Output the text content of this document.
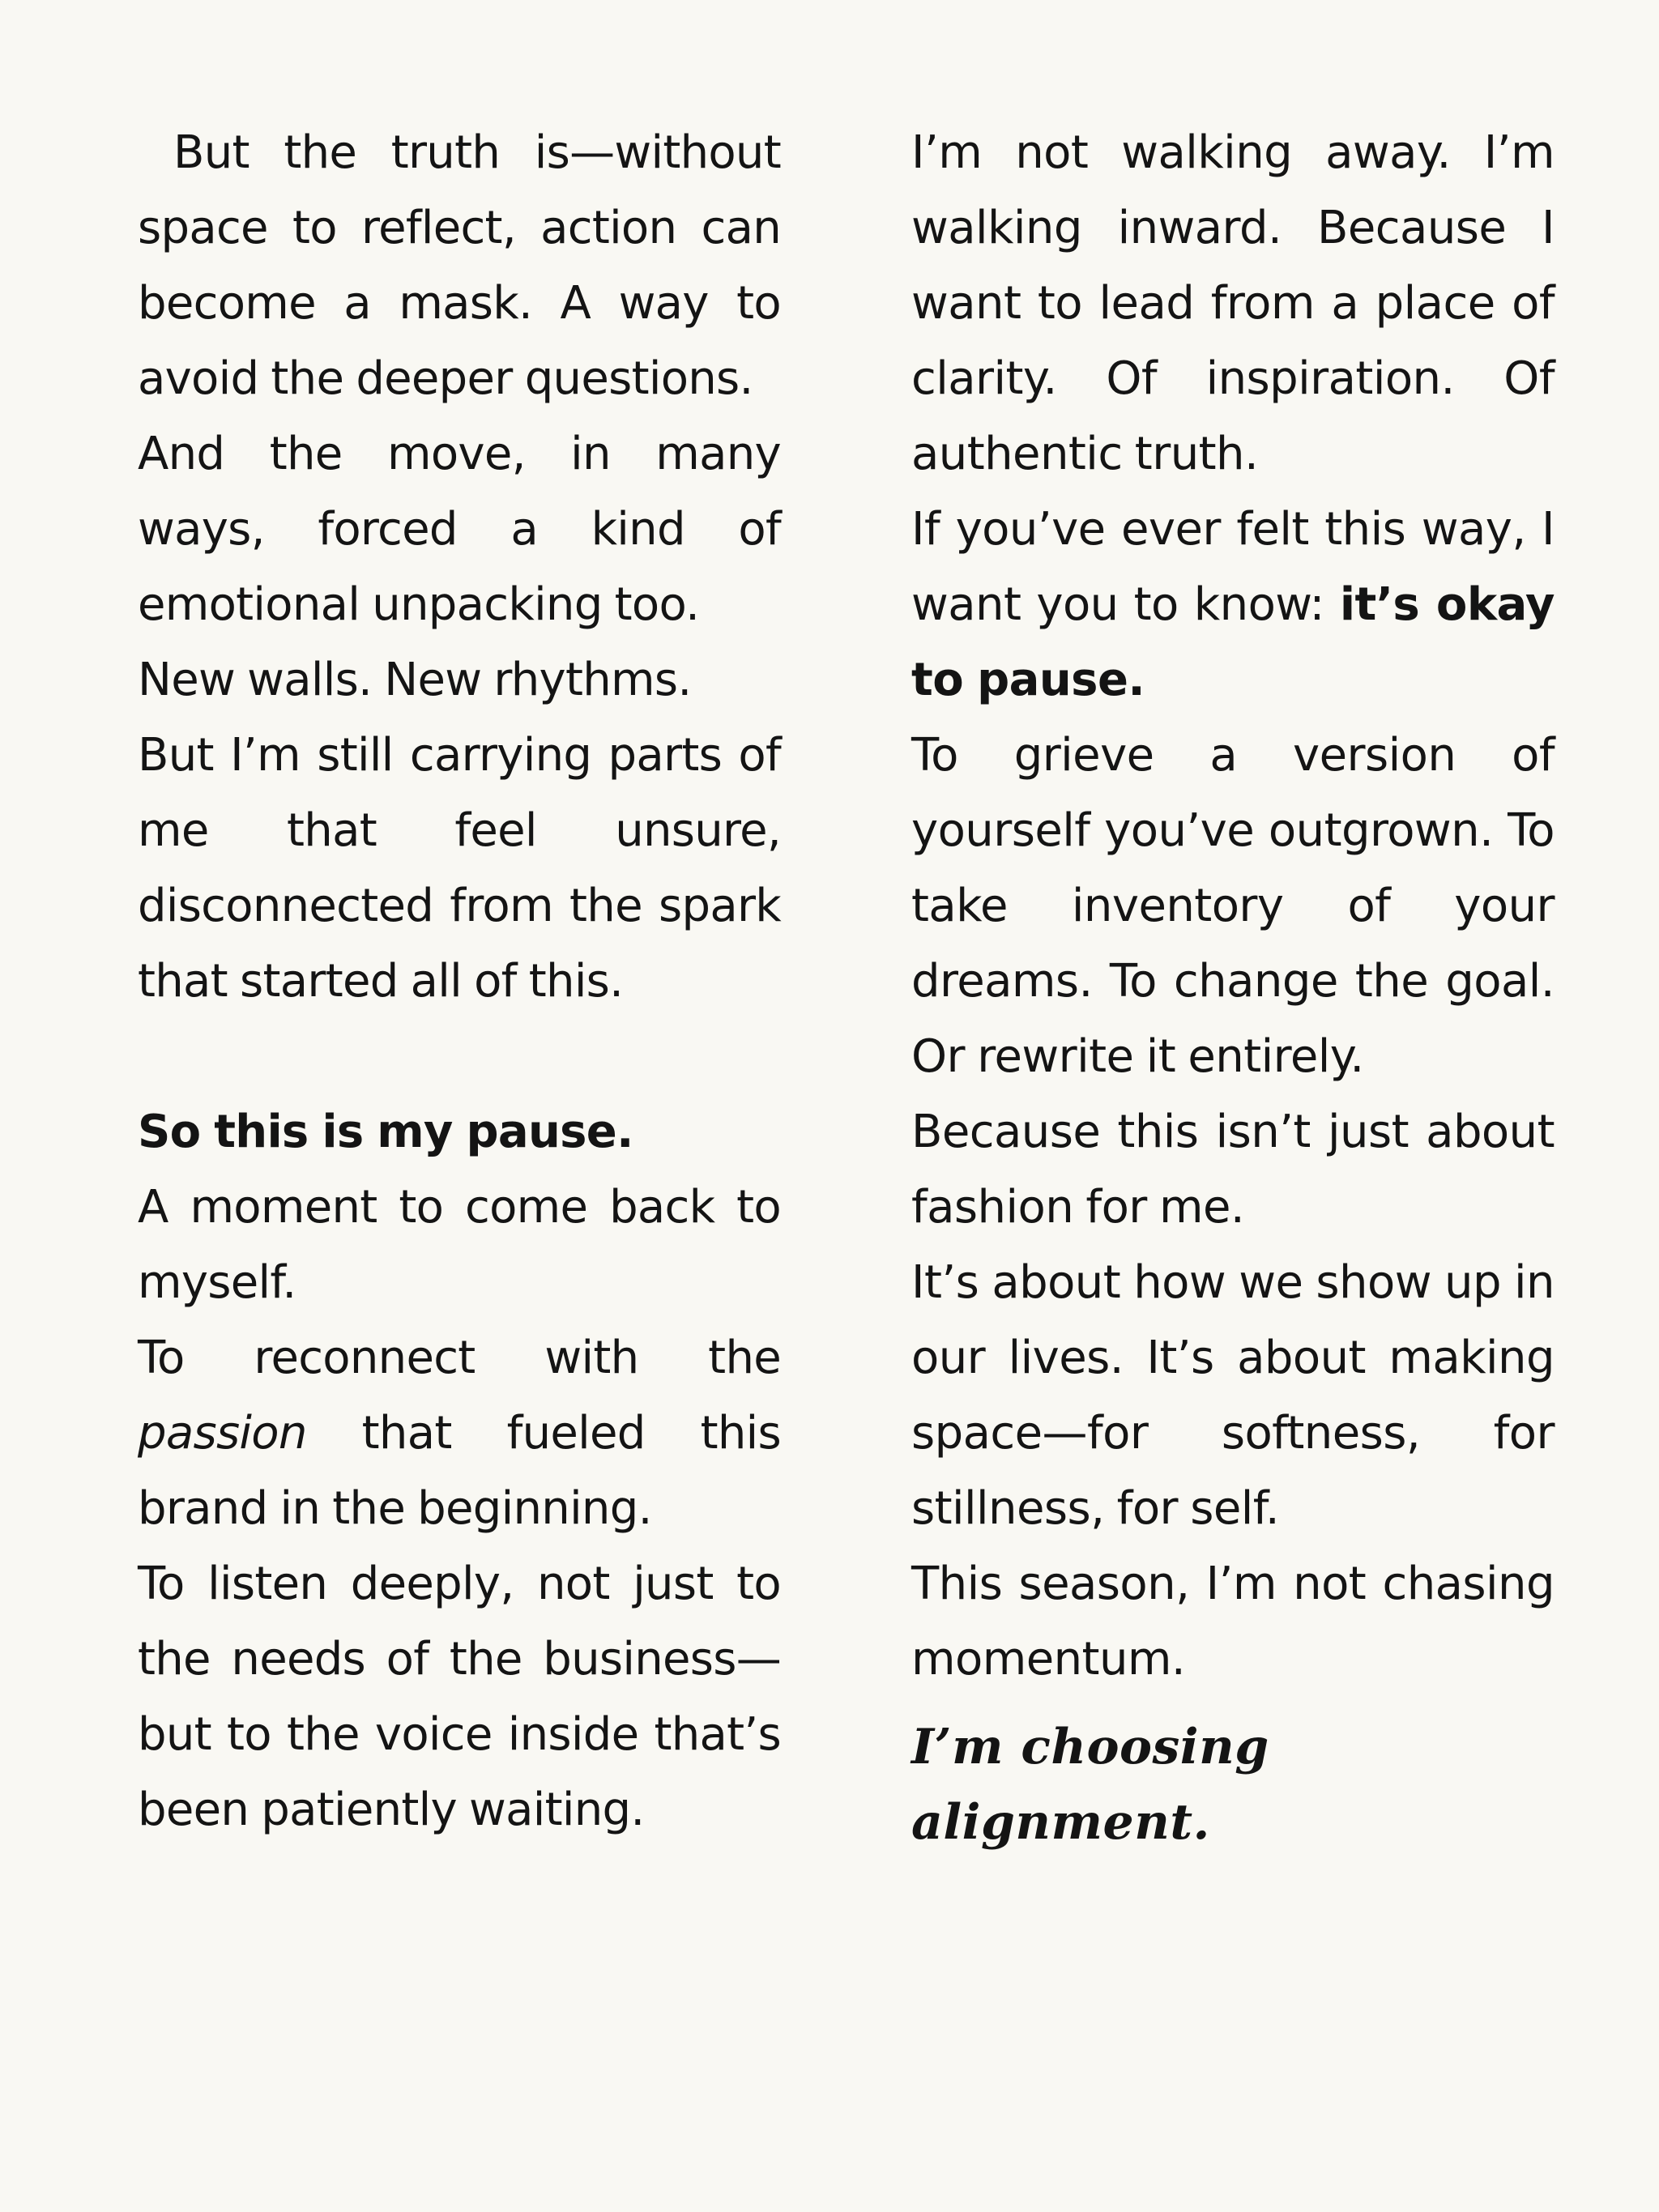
But the truth is—without space to reflect, action can become a mask. A way to avoid the deeper questions.

And the move, in many ways, forced a kind of emotional unpacking too.

New walls. New rhythms.

But I’m still carrying parts of me that feel unsure, disconnected from the spark that started all of this.

So this is my pause.

A moment to come back to myself.

To reconnect with the passion that fueled this brand in the beginning.

To listen deeply, not just to the needs of the business—but to the voice inside that’s been patiently waiting.

I’m not walking away. I’m walking inward. Because I want to lead from a place of clarity. Of inspiration. Of authentic truth.

If you’ve ever felt this way, I want you to know: it’s okay to pause.

To grieve a version of yourself you’ve outgrown. To take inventory of your dreams. To change the goal. Or rewrite it entirely.

Because this isn’t just about fashion for me.

It’s about how we show up in our lives. It’s about making space—for softness, for stillness, for self.

This season, I’m not chasing momentum.

I’m choosing alignment.
